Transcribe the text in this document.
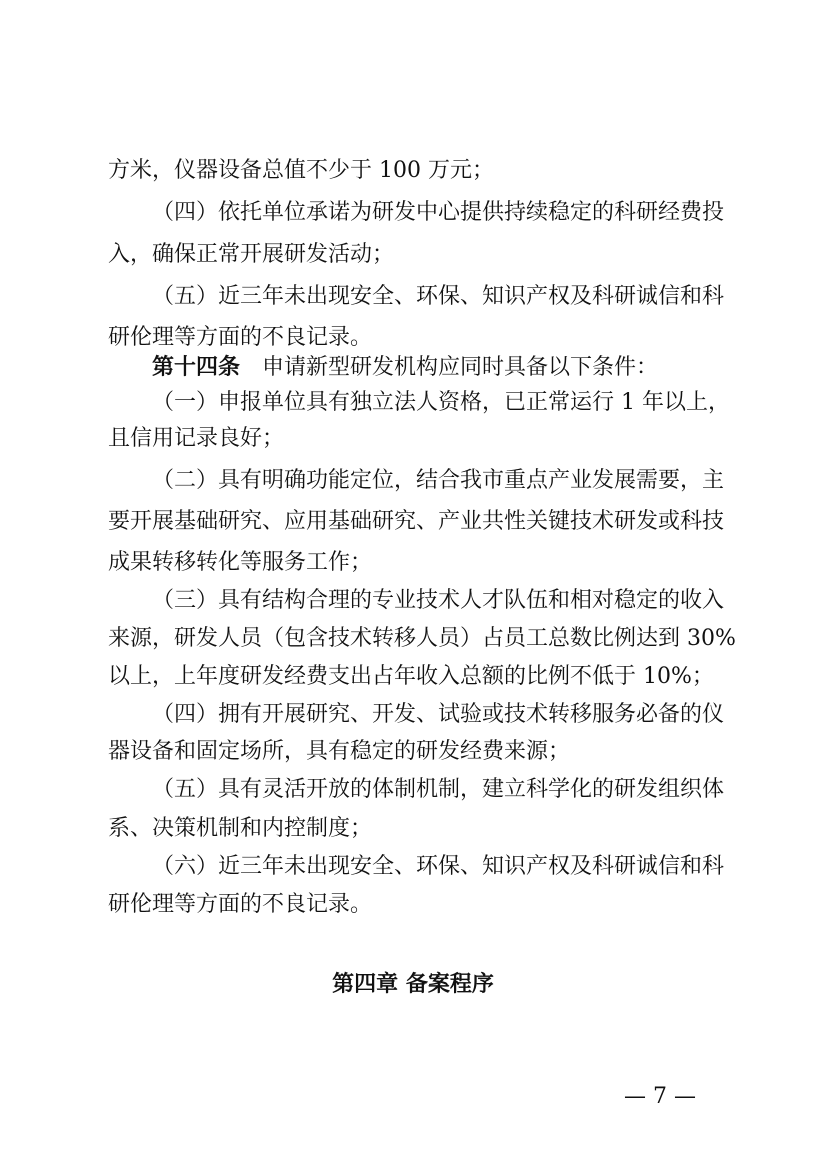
方米，仪器设备总值不少于 100 万元；
（四）依托单位承诺为研发中心提供持续稳定的科研经费投
入，确保正常开展研发活动；
（五）近三年未出现安全、环保、知识产权及科研诚信和科
研伦理等方面的不良记录。
第十四条　 申请新型研发机构应同时具备以下条件：
（一）申报单位具有独立法人资格，已正常运行 1 年以上，
且信用记录良好；
（二）具有明确功能定位，结合我市重点产业发展需要，主
要开展基础研究、应用基础研究、产业共性关键技术研发或科技
成果转移转化等服务工作；
（三）具有结构合理的专业技术人才队伍和相对稳定的收入
来源，研发人员（包含技术转移人员）占员工总数比例达到 30%
以上，上年度研发经费支出占年收入总额的比例不低于 10%；
（四）拥有开展研究、开发、试验或技术转移服务必备的仪
器设备和固定场所，具有稳定的研发经费来源；
（五）具有灵活开放的体制机制，建立科学化的研发组织体
系、决策机制和内控制度；
（六）近三年未出现安全、环保、知识产权及科研诚信和科
研伦理等方面的不良记录。
第四章 备案程序
— 7 —
